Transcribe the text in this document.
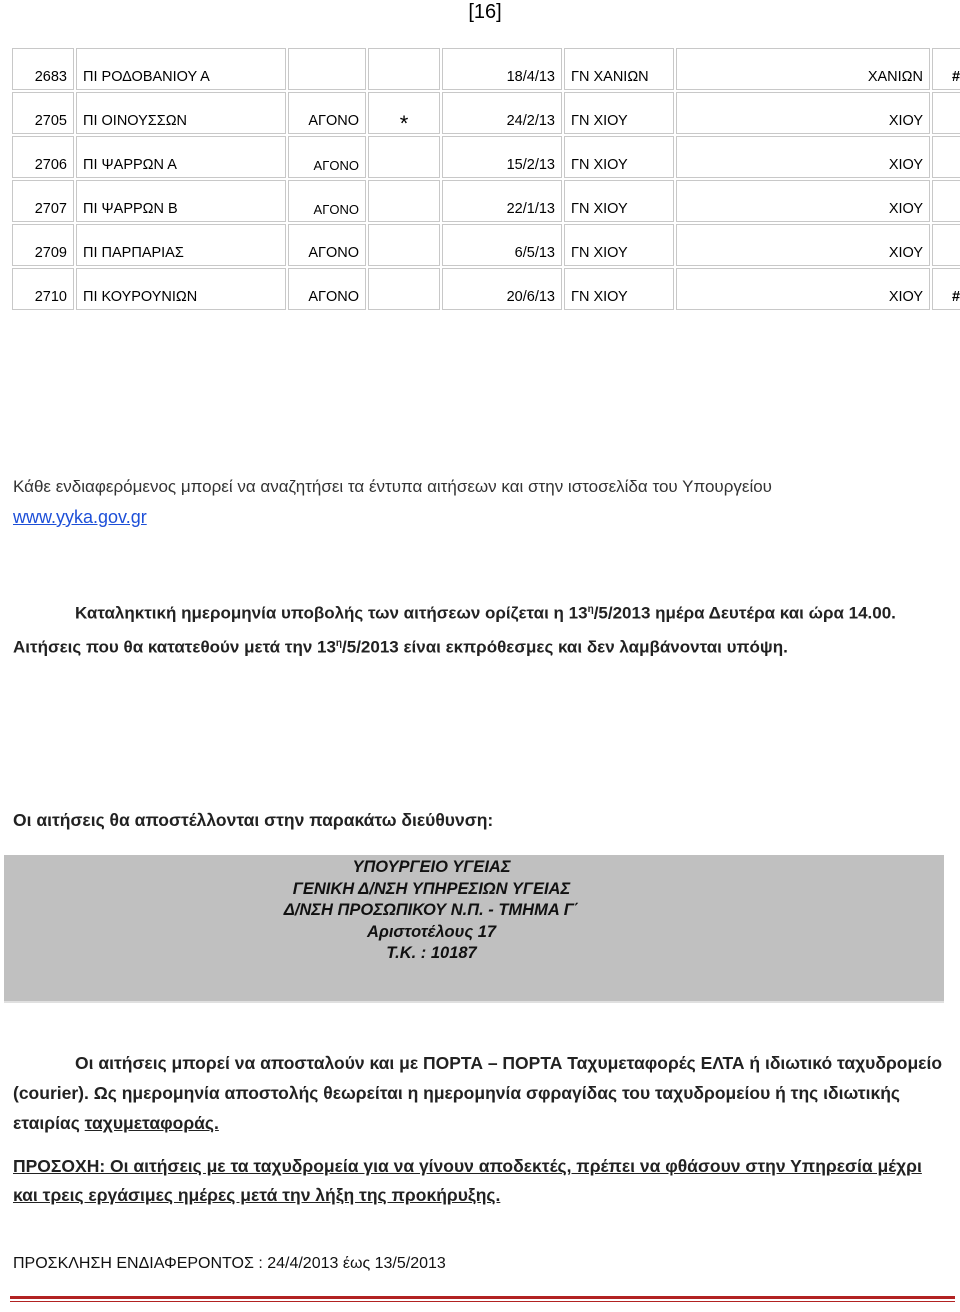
[16]
2683	ΠΙ ΡΟΔΟΒΑΝΙΟΥ Α			18/4/13	ΓΝ ΧΑΝΙΩΝ	ΧΑΝΙΩΝ	#
2705	ΠΙ ΟΙΝΟΥΣΣΩΝ	ΑΓΟΝΟ	*	24/2/13	ΓΝ ΧΙΟΥ	ΧΙΟΥ	
2706	ΠΙ ΨΑΡΡΩΝ Α	ΑΓΟΝΟ		15/2/13	ΓΝ ΧΙΟΥ	ΧΙΟΥ	
2707	ΠΙ ΨΑΡΡΩΝ Β	ΑΓΟΝΟ		22/1/13	ΓΝ ΧΙΟΥ	ΧΙΟΥ	
2709	ΠΙ ΠΑΡΠΑΡΙΑΣ	ΑΓΟΝΟ		6/5/13	ΓΝ ΧΙΟΥ	ΧΙΟΥ	
2710	ΠΙ ΚΟΥΡΟΥΝΙΩΝ	ΑΓΟΝΟ		20/6/13	ΓΝ ΧΙΟΥ	ΧΙΟΥ	#
Κάθε ενδιαφερόμενος μπορεί να αναζητήσει τα έντυπα αιτήσεων και στην ιστοσελίδα του Υπουργείου
www.yyka.gov.gr
Καταληκτική ημερομηνία υποβολής των αιτήσεων ορίζεται η $13^\eta/5/2013$ ημέρα Δευτέρα και ώρα 14.00. Αιτήσεις που θα κατατεθούν μετά την $13^\eta/5/2013$ είναι εκπρόθεσμες και δεν λαμβάνονται υπόψη.
Οι αιτήσεις θα αποστέλλονται στην παρακάτω διεύθυνση:
ΥΠΟΥΡΓΕΙΟ ΥΓΕΙΑΣ
ΓΕΝΙΚΗ Δ/ΝΣΗ ΥΠΗΡΕΣΙΩΝ ΥΓΕΙΑΣ
Δ/ΝΣΗ ΠΡΟΣΩΠΙΚΟΥ Ν.Π. - ΤΜΗΜΑ Γ΄
Αριστοτέλους 17
Τ.Κ. : 10187
Οι αιτήσεις μπορεί να αποσταλούν και με ΠΟΡΤΑ – ΠΟΡΤΑ Ταχυμεταφορές ΕΛΤΑ ή ιδιωτικό ταχυδρομείο (courier). Ως ημερομηνία αποστολής θεωρείται η ημερομηνία σφραγίδας του ταχυδρομείου ή της ιδιωτικής εταιρίας ταχυμεταφοράς.
ΠΡΟΣΟΧΗ: Οι αιτήσεις με τα ταχυδρομεία για να γίνουν αποδεκτές, πρέπει να φθάσουν στην Υπηρεσία μέχρι και τρεις εργάσιμες ημέρες μετά την λήξη της προκήρυξης.
ΠΡΟΣΚΛΗΣΗ ΕΝΔΙΑΦΕΡΟΝΤΟΣ : 24/4/2013 έως 13/5/2013
